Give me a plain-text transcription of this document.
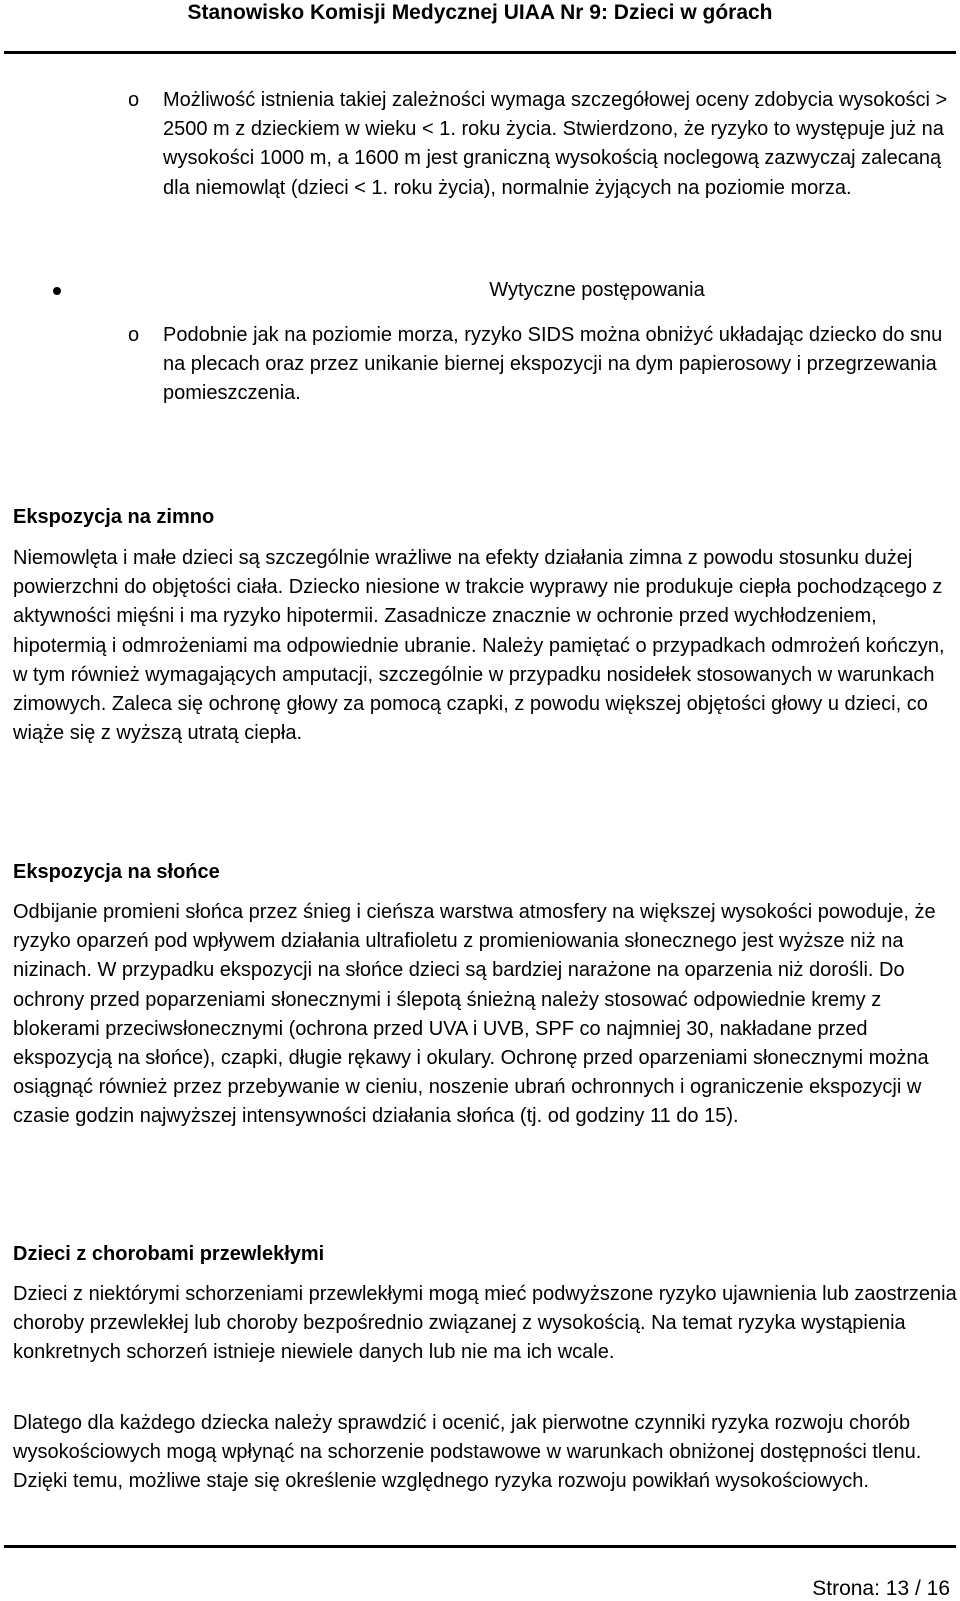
Stanowisko Komisji Medycznej UIAA Nr 9: Dzieci w górach
o Możliwość istnienia takiej zależności wymaga szczegółowej oceny zdobycia wysokości > 2500 m z dzieckiem w wieku < 1. roku życia. Stwierdzono, że ryzyko to występuje już na wysokości 1000 m, a 1600 m jest graniczną wysokością noclegową zazwyczaj zalecaną dla niemowląt (dzieci < 1. roku życia), normalnie żyjących na poziomie morza.

Wytyczne postępowania
o Podobnie jak na poziomie morza, ryzyko SIDS można obniżyć układając dziecko do snu na plecach oraz przez unikanie biernej ekspozycji na dym papierosowy i przegrzewania pomieszczenia.

Ekspozycja na zimno

Niemowlęta i małe dzieci są szczególnie wrażliwe na efekty działania zimna z powodu stosunku dużej powierzchni do objętości ciała. Dziecko niesione w trakcie wyprawy nie produkuje ciepła pochodzącego z aktywności mięśni i ma ryzyko hipotermii. Zasadnicze znacznie w ochronie przed wychłodzeniem, hipotermią i odmrożeniami ma odpowiednie ubranie. Należy pamiętać o przypadkach odmrożeń kończyn, w tym również wymagających amputacji, szczególnie w przypadku nosidełek stosowanych w warunkach zimowych. Zaleca się ochronę głowy za pomocą czapki, z powodu większej objętości głowy u dzieci, co wiąże się z wyższą utratą ciepła.

Ekspozycja na słońce

Odbijanie promieni słońca przez śnieg i cieńsza warstwa atmosfery na większej wysokości powoduje, że ryzyko oparzeń pod wpływem działania ultrafioletu z promieniowania słonecznego jest wyższe niż na nizinach. W przypadku ekspozycji na słońce dzieci są bardziej narażone na oparzenia niż dorośli. Do ochrony przed poparzeniami słonecznymi i ślepotą śnieżną należy stosować odpowiednie kremy z blokerami przeciwsłonecznymi (ochrona przed UVA i UVB, SPF co najmniej 30, nakładane przed ekspozycją na słońce), czapki, długie rękawy i okulary. Ochronę przed oparzeniami słonecznymi można osiągnąć również przez przebywanie w cieniu, noszenie ubrań ochronnych i ograniczenie ekspozycji w czasie godzin najwyższej intensywności działania słońca (tj. od godziny 11 do 15).

Dzieci z chorobami przewlekłymi

Dzieci z niektórymi schorzeniami przewlekłymi mogą mieć podwyższone ryzyko ujawnienia lub zaostrzenia choroby przewlekłej lub choroby bezpośrednio związanej z wysokością. Na temat ryzyka wystąpienia konkretnych schorzeń istnieje niewiele danych lub nie ma ich wcale.

Dlatego dla każdego dziecka należy sprawdzić i ocenić, jak pierwotne czynniki ryzyka rozwoju chorób wysokościowych mogą wpłynąć na schorzenie podstawowe w warunkach obniżonej dostępności tlenu. Dzięki temu, możliwe staje się określenie względnego ryzyka rozwoju powikłań wysokościowych.

Strona: 13 / 16
